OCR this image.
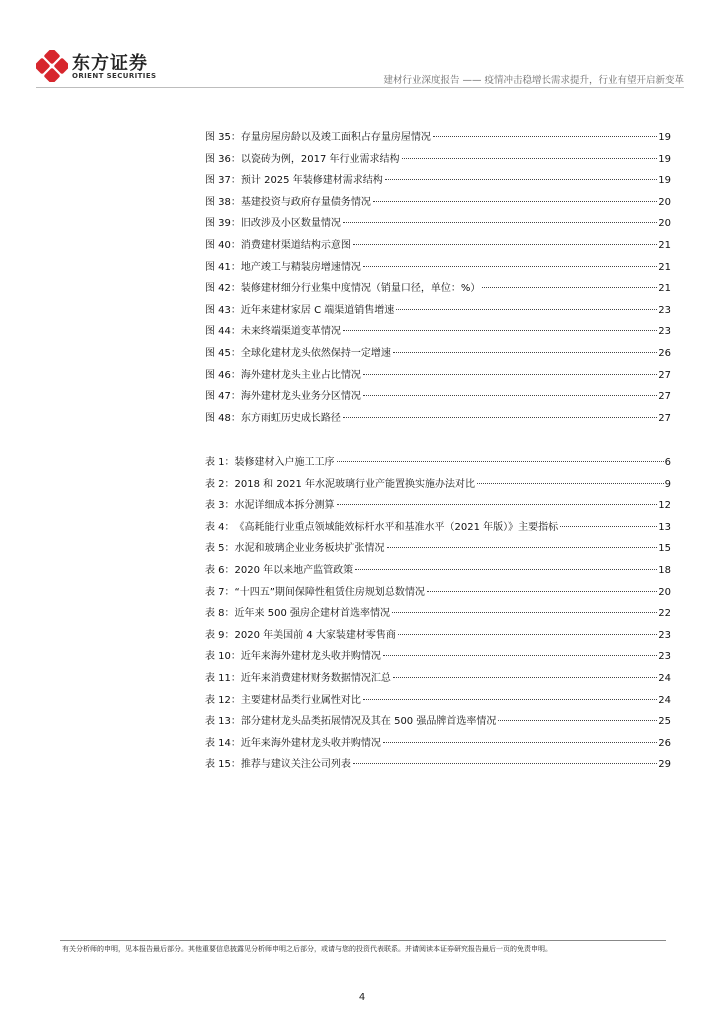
东方证券
ORIENT SECURITIES	建材行业深度报告 —— 疫情冲击稳增长需求提升，行业有望开启新变革
图 35： 存量房屋房龄以及竣工面积占存量房屋情况	19
图 36： 以瓷砖为例，2017 年行业需求结构	19
图 37： 预计 2025 年装修建材需求结构	19
图 38： 基建投资与政府存量债务情况	20
图 39： 旧改涉及小区数量情况	20
图 40： 消费建材渠道结构示意图	21
图 41： 地产竣工与精装房增速情况	21
图 42： 装修建材细分行业集中度情况（销量口径，单位：%）	21
图 43： 近年来建材家居 C 端渠道销售增速	23
图 44： 未来终端渠道变革情况	23
图 45： 全球化建材龙头依然保持一定增速	26
图 46： 海外建材龙头主业占比情况	27
图 47： 海外建材龙头业务分区情况	27
图 48： 东方雨虹历史成长路径	27
表 1： 装修建材入户施工工序	6
表 2： 2018 和 2021 年水泥玻璃行业产能置换实施办法对比	9
表 3： 水泥详细成本拆分测算	12
表 4： 《高耗能行业重点领域能效标杆水平和基准水平（2021 年版）》主要指标	13
表 5： 水泥和玻璃企业业务板块扩张情况	15
表 6： 2020 年以来地产监管政策	18
表 7： “十四五”期间保障性租赁住房规划总数情况	20
表 8： 近年来 500 强房企建材首选率情况	22
表 9： 2020 年美国前 4 大家装建材零售商	23
表 10： 近年来海外建材龙头收并购情况	23
表 11： 近年来消费建材财务数据情况汇总	24
表 12： 主要建材品类行业属性对比	24
表 13： 部分建材龙头品类拓展情况及其在 500 强品牌首选率情况	25
表 14： 近年来海外建材龙头收并购情况	26
表 15： 推荐与建议关注公司列表	29
有关分析师的申明，见本报告最后部分。其他重要信息披露见分析师申明之后部分，或请与您的投资代表联系。并请阅读本证券研究报告最后一页的免责申明。
4
